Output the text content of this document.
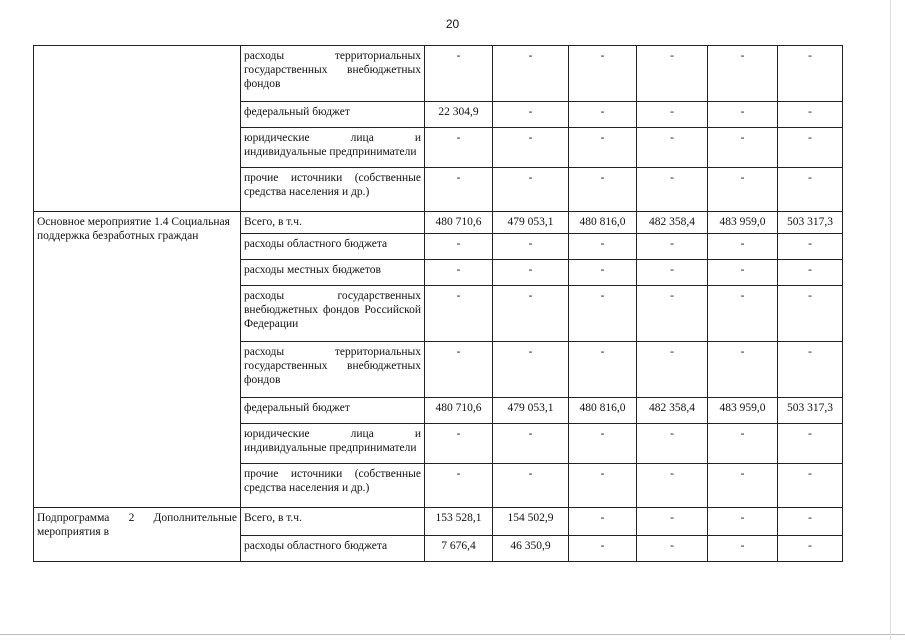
20
	расходы территориальных государственных внебюджетных фондов	-	-	-	-	-	-
	федеральный бюджет	22 304,9	-	-	-	-	-
	юридические лица и индивидуальные предприниматели	-	-	-	-	-	-
	прочие источники (собственные средства населения и др.)	-	-	-	-	-	-
Основное мероприятие 1.4 Социальная поддержка безработных граждан	Всего, в т.ч.	480 710,6	479 053,1	480 816,0	482 358,4	483 959,0	503 317,3
	расходы областного бюджета	-	-	-	-	-	-
	расходы местных бюджетов	-	-	-	-	-	-
	расходы государственных внебюджетных фондов Российской Федерации	-	-	-	-	-	-
	расходы территориальных государственных внебюджетных фондов	-	-	-	-	-	-
	федеральный бюджет	480 710,6	479 053,1	480 816,0	482 358,4	483 959,0	503 317,3
	юридические лица и индивидуальные предприниматели	-	-	-	-	-	-
	прочие источники (собственные средства населения и др.)	-	-	-	-	-	-
Подпрограмма 2 Дополнительные мероприятия в	Всего, в т.ч.	153 528,1	154 502,9	-	-	-	-
	расходы областного бюджета	7 676,4	46 350,9	-	-	-	-
